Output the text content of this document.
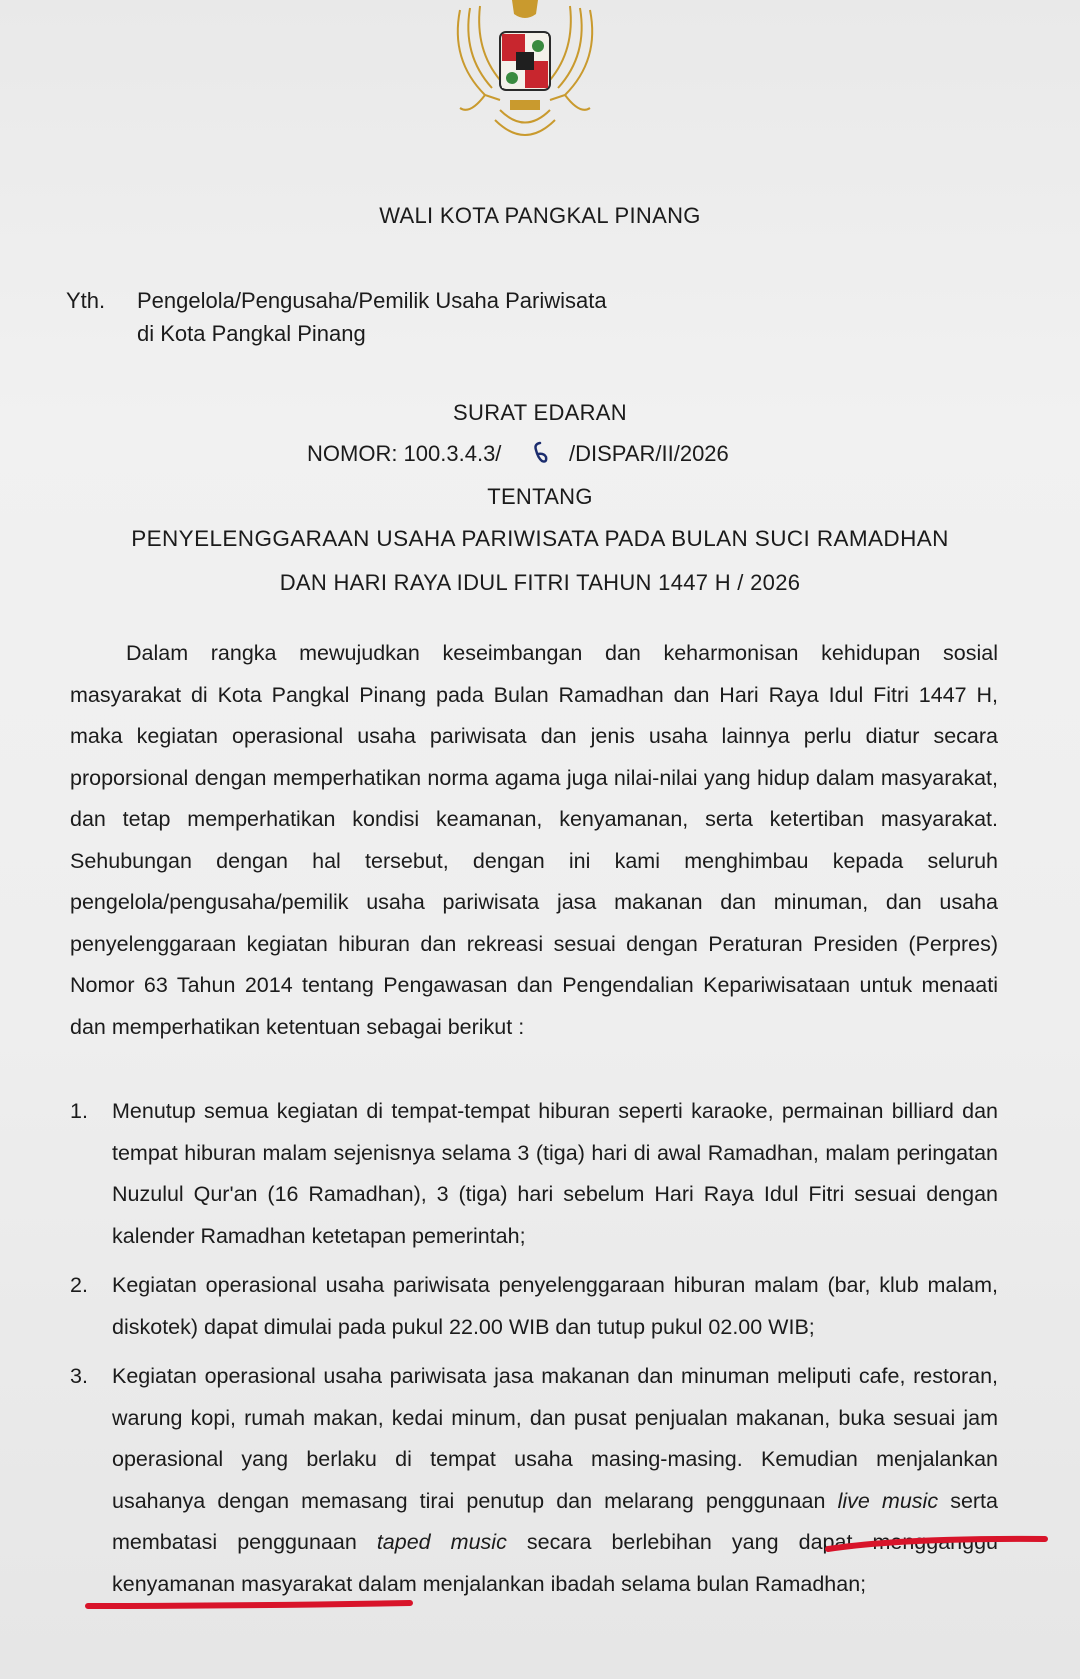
WALI KOTA PANGKAL PINANG
Yth. Pengelola/Pengusaha/Pemilik Usaha Pariwisata
di Kota Pangkal Pinang
SURAT EDARAN
NOMOR: 100.3.4.3/	/DISPAR/II/2026
TENTANG
PENYELENGGARAAN USAHA PARIWISATA PADA BULAN SUCI RAMADHAN
DAN HARI RAYA IDUL FITRI TAHUN 1447 H / 2026

Dalam rangka mewujudkan keseimbangan dan keharmonisan kehidupan sosial masyarakat di Kota Pangkal Pinang pada Bulan Ramadhan dan Hari Raya Idul Fitri 1447 H, maka kegiatan operasional usaha pariwisata dan jenis usaha lainnya perlu diatur secara proporsional dengan memperhatikan norma agama juga nilai-nilai yang hidup dalam masyarakat, dan tetap memperhatikan kondisi keamanan, kenyamanan, serta ketertiban masyarakat. Sehubungan dengan hal tersebut, dengan ini kami menghimbau kepada seluruh pengelola/pengusaha/pemilik usaha pariwisata jasa makanan dan minuman, dan usaha penyelenggaraan kegiatan hiburan dan rekreasi sesuai dengan Peraturan Presiden (Perpres) Nomor 63 Tahun 2014 tentang Pengawasan dan Pengendalian Kepariwisataan untuk menaati dan memperhatikan ketentuan sebagai berikut :

1. Menutup semua kegiatan di tempat-tempat hiburan seperti karaoke, permainan billiard dan tempat hiburan malam sejenisnya selama 3 (tiga) hari di awal Ramadhan, malam peringatan Nuzulul Qur'an (16 Ramadhan), 3 (tiga) hari sebelum Hari Raya Idul Fitri sesuai dengan kalender Ramadhan ketetapan pemerintah;
2. Kegiatan operasional usaha pariwisata penyelenggaraan hiburan malam (bar, klub malam, diskotek) dapat dimulai pada pukul 22.00 WIB dan tutup pukul 02.00 WIB;
3. Kegiatan operasional usaha pariwisata jasa makanan dan minuman meliputi cafe, restoran, warung kopi, rumah makan, kedai minum, dan pusat penjualan makanan, buka sesuai jam operasional yang berlaku di tempat usaha masing-masing. Kemudian menjalankan usahanya dengan memasang tirai penutup dan melarang penggunaan live music serta membatasi penggunaan taped music secara berlebihan yang dapat mengganggu kenyamanan masyarakat dalam menjalankan ibadah selama bulan Ramadhan;
